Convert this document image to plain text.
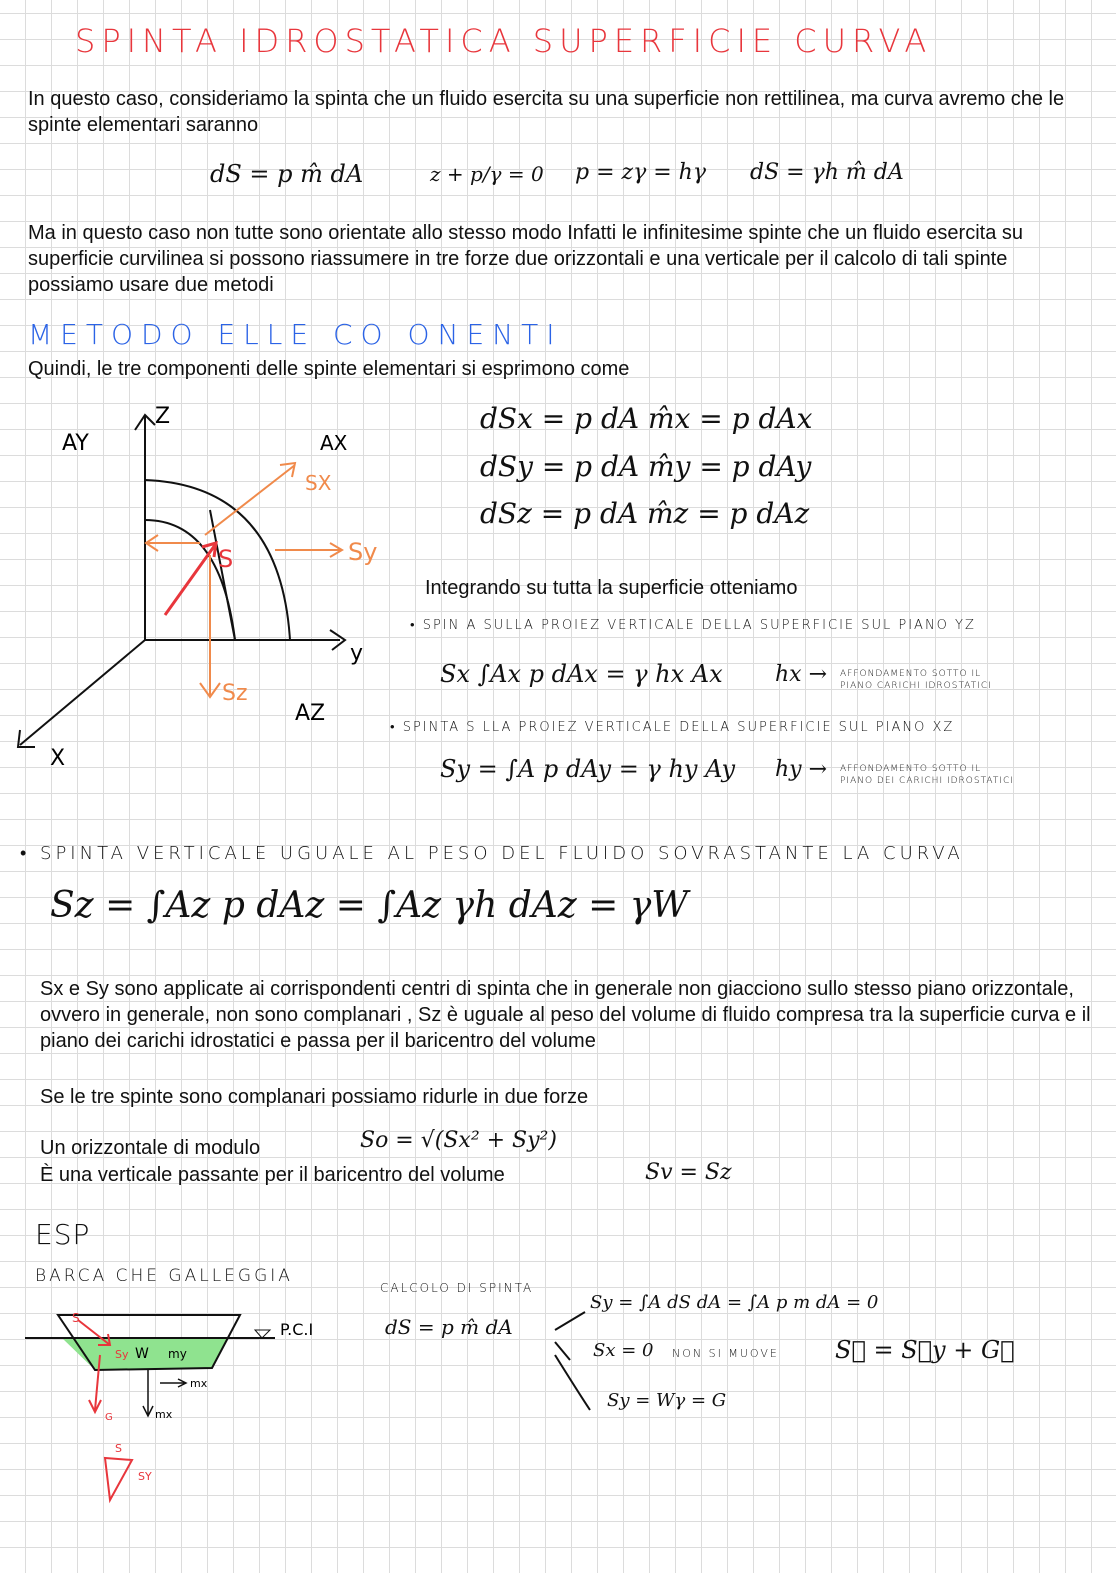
SPINTA IDROSTATICA SUPERFICIE CURVA
In questo caso, consideriamo la spinta che un fluido esercita su una superficie non rettilinea, ma curva avremo che le spinte elementari saranno
dS = p m̂ dA	z + p/γ = 0 p = zγ = hγ dS = γh m̂ dA
Ma in questo caso non tutte sono orientate allo stesso modo Infatti le infinitesime spinte che un fluido esercita su superficie curvilinea si possono riassumere in tre forze due orizzontali e una verticale per il calcolo di tali spinte possiamo usare due metodi
METODO ELLE CO ONENTI
Quindi, le tre componenti delle spinte elementari si esprimono come
AY
Z
AX
SX
Sy
S
Sz
y
AZ
X
dSx = p dA m̂x = p dAx
dSy = p dA m̂y = p dAy
dSz = p dA m̂z = p dAz
Integrando su tutta la superficie otteniamo
• SPIN A SULLA PROIEZ VERTICALE DELLA SUPERFICIE SUL PIANO YZ
Sx ∫Ax p dAx = γ hx Ax hx → AFFONDAMENTO SOTTO IL
PIANO CARICHI IDROSTATICI
• SPINTA S LLA PROIEZ VERTICALE DELLA SUPERFICIE SUL PIANO XZ
Sy = ∫A p dAy = γ hy Ay hy → AFFONDAMENTO SOTTO IL
PIANO DEI CARICHI IDROSTATICI
• SPINTA VERTICALE UGUALE AL PESO DEL FLUIDO SOVRASTANTE LA CURVA
Sz = ∫Az p dAz = ∫Az γh dAz = γW
Sx e Sy sono applicate ai corrispondenti centri di spinta che in generale non giacciono sullo stesso piano orizzontale, ovvero in generale, non sono complanari , Sz è uguale al peso del volume di fluido compresa tra la superficie curva e il piano dei carichi idrostatici e passa per il baricentro del volume
Se le tre spinte sono complanari possiamo ridurle in due forze
Un orizzontale di modulo	So = √(Sx² + Sy²)
È una verticale passante per il baricentro del volume	Sv = Sz
ESP
BARCA CHE GALLEGGIA
P.C.I
S
Sy W my
G
mx
mx
S
SY
CALCOLO DI SPINTA
dS = p m̂ dA
Sy = ∫A dS dA = ∫A p m dA = 0
Sx = 0 NON SI MUOVE
Sy = Wγ = G
S⃗ = S⃗y + G⃗
